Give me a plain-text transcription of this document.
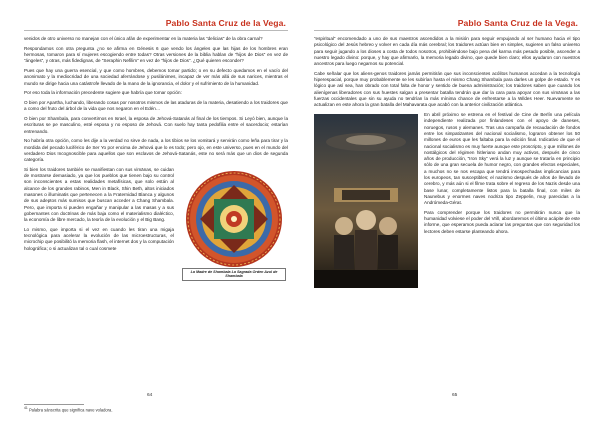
Pablo Santa Cruz de la Vega.

venidos de otro universo no manejan con el único afán de experimentar en la materia las “delicias” de la obra carnal?

Respondamos con otra pregunta ¿no se afirma en Génesis 6 que vendo los ángeles que las hijas de los hombres eran hermosas, tomaron para sí mujeres escogiendo entre todas? Otras versiones de la biblia hablan de “hijos de Dios” en vez de “ángeles”, y otras, más fidedignas, de “Seraphin Nefilim” en vez de “hijos de Dios”. ¿Qué quieren esconder?

Pues que hay una guerra esencial, y que como hombres, debemos tomar partido; o en su defecto quedamos en el vacío del anonimato y la mediocridad de una sociedad aferrándose y pusilánimes, incapaz de ver más allá de sus narices, mientras el mundo se dirige hacia una catástrofe llevado de la mano de la ignorancia, el dolor y el sufrimiento de la humanidad.

Por eso toda la información precedente sugiere que habría que tomar opción:

O bien por Apartha, luchando, liberando cosas por nosotros mismos de las ataduras de la materia, desatiendo a los traidores que a como del fruto del árbol de la vida que nos negaron en el Edén…

O bien por Shambala, para convertirnos en Israel, la esposa de Jehová-Satanás al final de los tiempos. Si Leyó bien, aunque la escrituras se pe masculino, esté esposa y no esposo de Jehová. Con suelo hay tanta pedofilia entre el sacerdocio; estarían entrenando.

No habría otra opción, como les dije a la verdad no sirve de nada, a los tibios se los vomitará y servirán como leña para tirar y la mordida del pecado luciférico de Ser Yo por encima de Jehová que lo es todo; pero ojo, en este universo, pues en el mundo del verdadero Dios Incognoscible para aquellos que son esclavos de Jehová-Satanás, este no será más que un dios de segunda categoría.

La Madre de Shambala La Sagrada Orden Azul de Shambala

Si bien los traidores también se manifiestan con sus vimānas, se cuidan de mostrarse demasiado, ya que los pueblos que tienen bajo su control son inconscientes a estas realidades metafísicas, que solo están al alcance de los grandes rabinos, Men in Black, Shin Beth, altos iniciados masones o illuminatis que pertenecen a la Fraternidad Blanca y algunos de sus adeptos más sumisos que buscan acceder a Chang Shambala. Pero, que importa si pueden engañar y manipular a las masas y a sus gobernantes con doctrinas de más baja como el materialismo dialéctico, la economía de libre mercado, la teoría de la evolución y el Big Bang.

Lo mismo, que importa si el vez en cuando les tiran una migaja tecnológica para acelerar la evolución de las microestructuras, el microchip que posibilitó la memoria flash, el internet dos y la computación holográfica; o si actualizan tal o cual cosmete

64
$^{41}$ Palabra sánscrita que significa nave voladora.
Pablo Santa Cruz de la Vega.

“espiritual” encomendado a uno de sus maestros ascendidos a la misión para seguir empujando al ser humano hacia el tipo psicológico del Jesús hebreo y volver en cada día más cerebral; los traidores actúan bien en simples, sugieren un falso universo para seguir jugando a los dioses a costa de todos nosotros, prohibiéndose bajo pena del karma más pesado posible, ascender a nuestro legado divino: porque, y hay que afirmarlo, la memoria legado divino, que quede bien claro; ellos ayudaron con nuestros ancestros para luego negarnos su potencial.

Cabe señalar que los aliens-genos traidores jamás permitirán que sus inconscientes acólitos humanos accedan a la tecnología hiperespacial, porque muy probablemente se les subirían hasta el mismo Chang Shambala para darles un golpe de estado. Y es lógico que así sea, han obrado con total falta de honor y sentido de buena administración; los traidores saben que cuando los alienígenas liberadores con sus huestes salgan a presentar batalla tendrán que dar la cara para apoyar con sus vimānas a las fuerzas occidentales que sin su ayuda no tendrían la más mínima chance de enfrentarse a la Wildes Heer. Nuevamente se actualizan en este ahora la gran batalla del Mahavarata que acabó con la anterior civilización atlántica.

En abril próximo se estrena en el festival de Cine de Berlín una película independiente realizada por finlandeses con el apoyo de daneses, noruegos, rusos y alemanes. Tras una campaña de recaudación de fondos entre los simpatizantes del nacional socialismo, lograron obtener los 50 millones de euros que les faltaba para la edición final. Indicativo de que el nacional socialismo es muy fuerte aunque este proscripto, y que millones de nostálgicos del régimen hitleriano andan muy activos, después de cinco años de producción, “Iron Sky” verá la luz y aunque se trataría en principio sólo de una gran secuela de humor negro, con grandes efectos especiales, a muchos no se nos escapa que tendrá insospechadas implicancias para los europeos, tan susceptibles; el nazismo después de años de llevado de cerebro, y más aún si el filme trata sobre el regreso de los Nazis desde una base lunar, completamente listos para la batalla final, con miles de Naunebus y enormes naves nodriza tipo Zeppelin, muy parecidas a la Andrómeda-Gérat.

Para comprender porque los traidores no permitirán nunca que la humanidad volviese el poder del Vrill, abordaremos el último acápite de este informe, que esperamos pueda aclarar las preguntas que con seguridad los lectores deben estarse planteando ahora.

65
